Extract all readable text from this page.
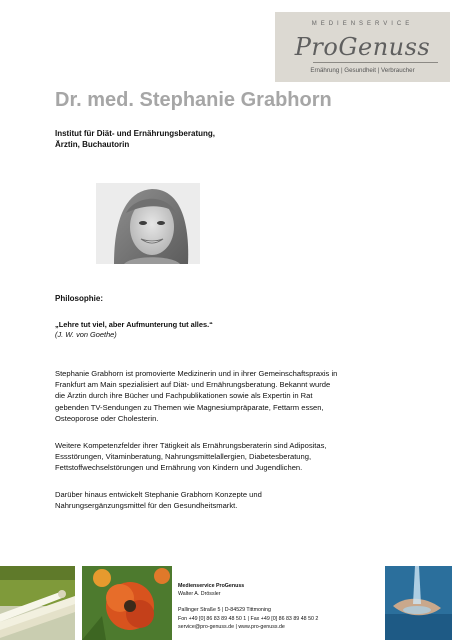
MEDIENSERVICE
ProGenuss
Ernährung | Gesundheit | Verbraucher
Dr. med. Stephanie Grabhorn
Institut für Diät- und Ernährungsberatung,
Ärztin, Buchautorin
Philosophie:
„Lehre tut viel, aber Aufmunterung tut alles.“
(J. W. von Goethe)
Stephanie Grabhorn ist promovierte Medizinerin und in ihrer Gemeinschaftspraxis in
Frankfurt am Main spezialisiert auf Diät- und Ernährungsberatung. Bekannt wurde
die Ärztin durch ihre Bücher und Fachpublikationen sowie als Expertin in Rat
gebenden TV-Sendungen zu Themen wie Magnesiumpräparate, Fettarm essen,
Osteoporose oder Cholesterin.
Weitere Kompetenzfelder ihrer Tätigkeit als Ernährungsberaterin sind Adipositas,
Essstörungen, Vitaminberatung, Nahrungsmittelallergien, Diabetesberatung,
Fettstoffwechselstörungen und Ernährung von Kindern und Jugendlichen.
Darüber hinaus entwickelt Stephanie Grabhorn Konzepte und
Nahrungsergänzungsmittel für den Gesundheitsmarkt.
Medienservice ProGenuss
Walter A. Drössler
Pallinger Straße 5 | D-84529 Tittmoning
Fon +49 [0] 86 83 89 48 50 1 | Fax +49 [0] 86 83 89 48 50 2
service@pro-genuss.de | www.pro-genuss.de
